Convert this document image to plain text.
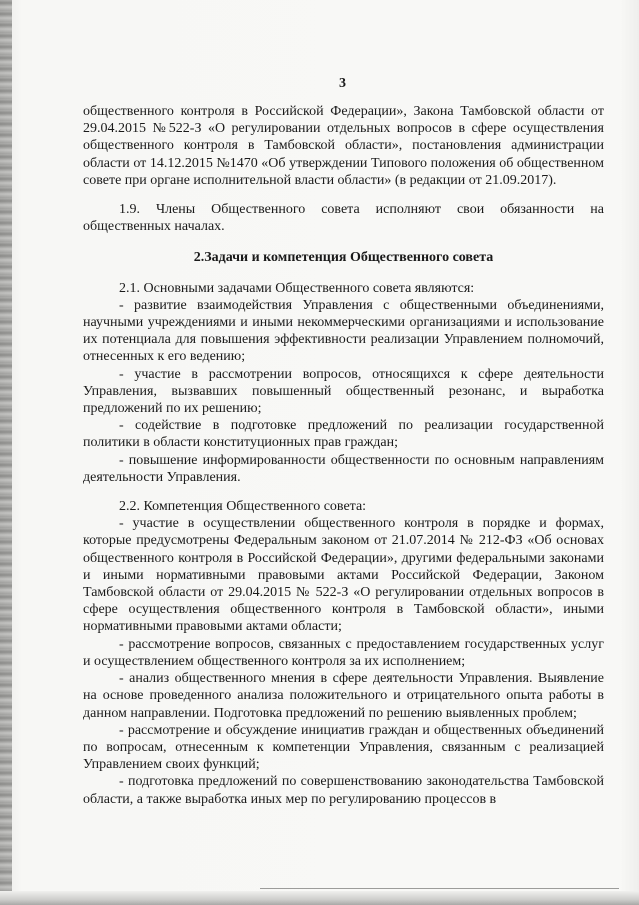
3

общественного контроля в Российской Федерации», Закона Тамбовской области от 29.04.2015 №522-З «О регулировании отдельных вопросов в сфере осуществления общественного контроля в Тамбовской области», постановления администрации области от 14.12.2015 №1470 «Об утверждении Типового положения об общественном совете при органе исполнительной власти области» (в редакции от 21.09.2017).

1.9. Члены Общественного совета исполняют свои обязанности на общественных началах.

2.Задачи и компетенция Общественного совета

2.1. Основными задачами Общественного совета являются:

- развитие взаимодействия Управления с общественными объединениями, научными учреждениями и иными некоммерческими организациями и использование их потенциала для повышения эффективности реализации Управлением полномочий, отнесенных к его ведению;

- участие в рассмотрении вопросов, относящихся к сфере деятельности Управления, вызвавших повышенный общественный резонанс, и выработка предложений по их решению;

- содействие в подготовке предложений по реализации государственной политики в области конституционных прав граждан;

- повышение информированности общественности по основным направлениям деятельности Управления.

2.2. Компетенция Общественного совета:

- участие в осуществлении общественного контроля в порядке и формах, которые предусмотрены Федеральным законом от 21.07.2014 № 212-ФЗ «Об основах общественного контроля в Российской Федерации», другими федеральными законами и иными нормативными правовыми актами Российской Федерации, Законом Тамбовской области от 29.04.2015 № 522-З «О регулировании отдельных вопросов в сфере осуществления общественного контроля в Тамбовской области», иными нормативными правовыми актами области;

- рассмотрение вопросов, связанных с предоставлением государственных услуг и осуществлением общественного контроля за их исполнением;

- анализ общественного мнения в сфере деятельности Управления. Выявление на основе проведенного анализа положительного и отрицательного опыта работы в данном направлении. Подготовка предложений по решению выявленных проблем;

- рассмотрение и обсуждение инициатив граждан и общественных объединений по вопросам, отнесенным к компетенции Управления, связанным с реализацией Управлением своих функций;

- подготовка предложений по совершенствованию законодательства Тамбовской области, а также выработка иных мер по регулированию процессов в
